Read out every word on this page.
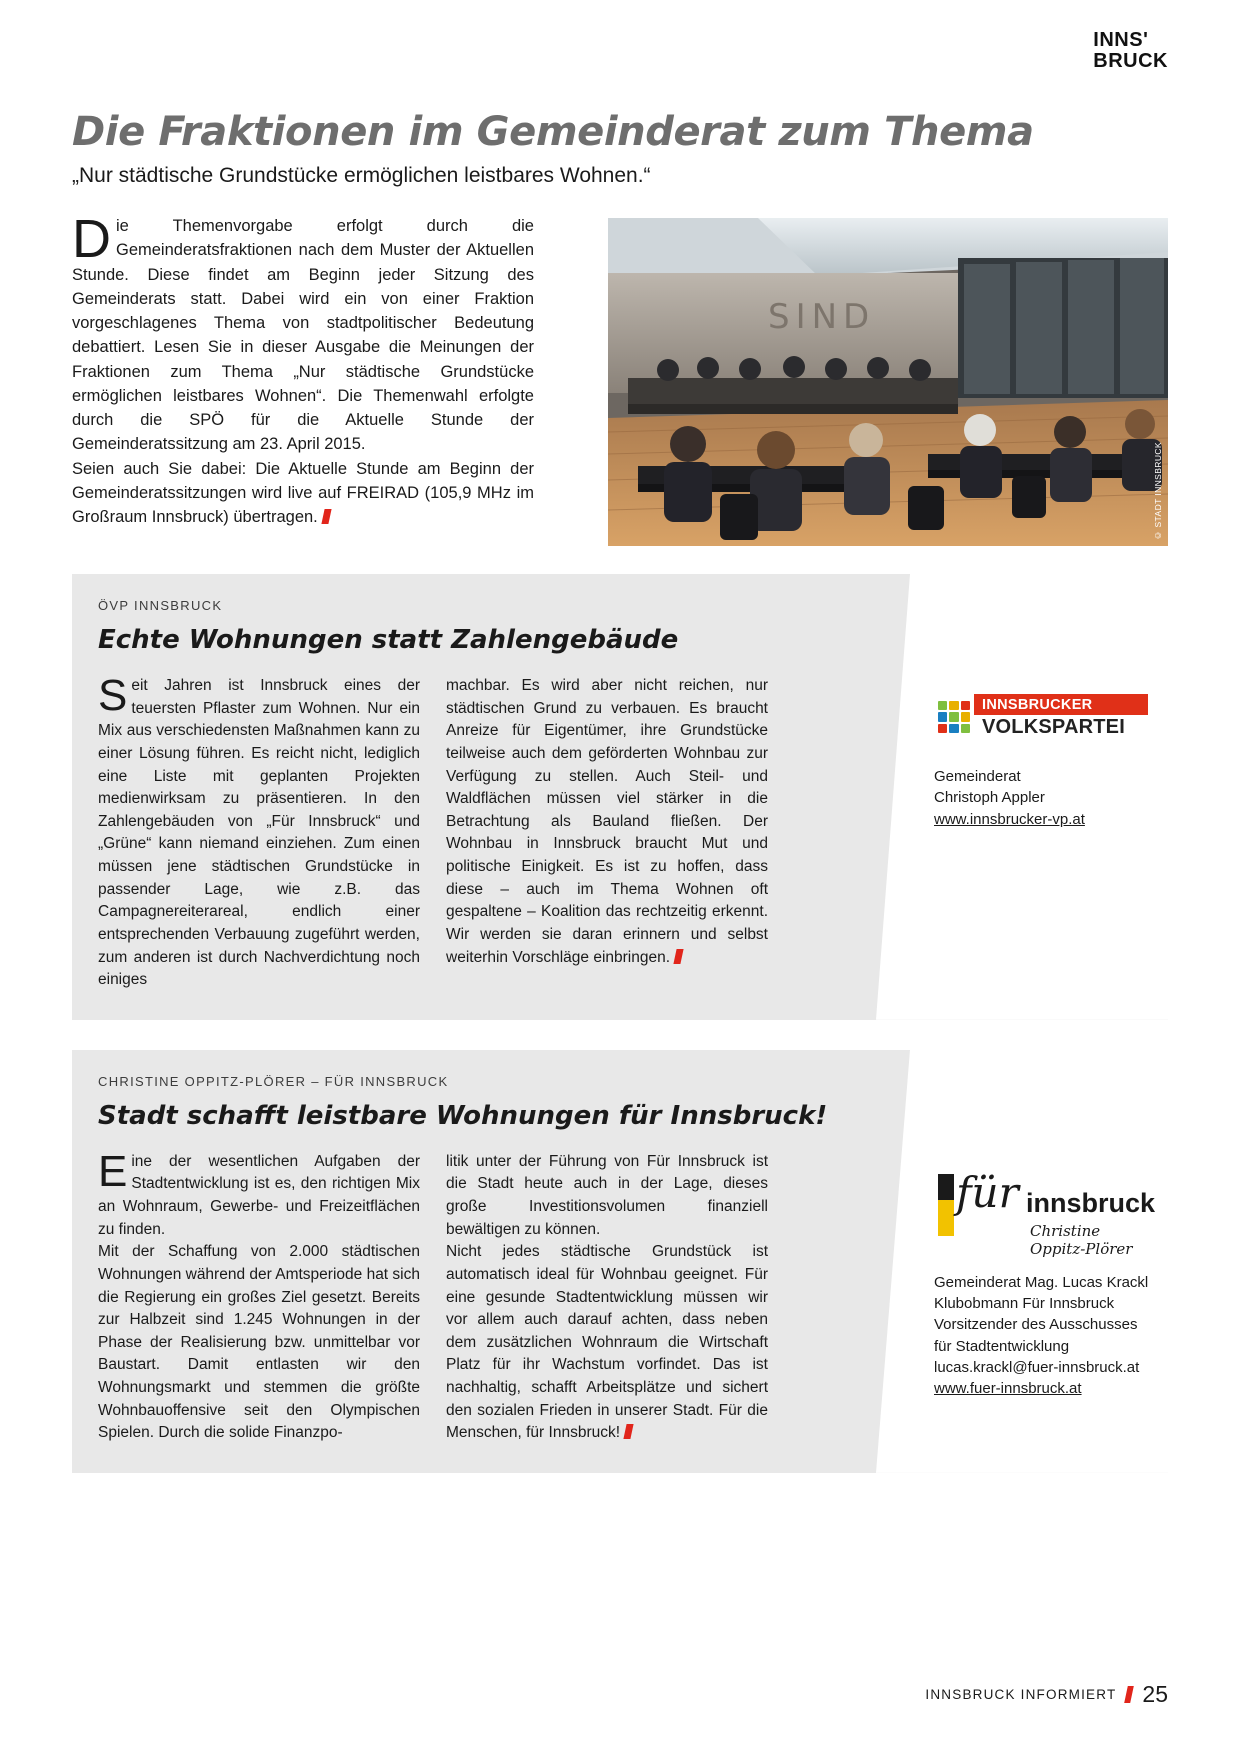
INNS'
BRUCK
Die Fraktionen im Gemeinderat zum Thema
„Nur städtische Grundstücke ermöglichen leistbares Wohnen.“

Die Themenvorgabe erfolgt durch die Gemeinderatsfraktionen nach dem Muster der Aktuellen Stunde. Diese findet am Beginn jeder Sitzung des Gemeinderats statt. Dabei wird ein von einer Fraktion vorgeschlagenes Thema von stadtpolitischer Bedeutung debattiert. Lesen Sie in dieser Ausgabe die Meinungen der Fraktionen zum Thema „Nur städtische Grundstücke ermöglichen leistbares Wohnen“. Die Themenwahl erfolgte durch die SPÖ für die Aktuelle Stunde der Gemeinderatssitzung am 23. April 2015.

Seien auch Sie dabei: Die Aktuelle Stunde am Beginn der Gemeinderatssitzungen wird live auf FREIRAD (105,9 MHz im Großraum Innsbruck) übertragen.

SIND
© STADT INNSBRUCK
ÖVP INNSBRUCK
Echte Wohnungen statt Zahlengebäude

Seit Jahren ist Innsbruck eines der teuersten Pflaster zum Wohnen. Nur ein Mix aus verschiedensten Maßnahmen kann zu einer Lösung führen. Es reicht nicht, lediglich eine Liste mit geplanten Projekten medienwirksam zu präsentieren. In den Zahlengebäuden von „Für Innsbruck“ und „Grüne“ kann niemand einziehen. Zum einen müssen jene städtischen Grundstücke in passender Lage, wie z.B. das Campagnereiterareal, endlich einer entsprechenden Verbauung zugeführt werden, zum anderen ist durch Nachverdichtung noch einiges

machbar. Es wird aber nicht reichen, nur städtischen Grund zu verbauen. Es braucht Anreize für Eigentümer, ihre Grundstücke teilweise auch dem geförderten Wohnbau zur Verfügung zu stellen. Auch Steil- und Waldflächen müssen viel stärker in die Betrachtung als Bauland fließen. Der Wohnbau in Innsbruck braucht Mut und politische Einigkeit. Es ist zu hoffen, dass diese – auch im Thema Wohnen oft gespaltene – Koalition das rechtzeitig erkennt. Wir werden sie daran erinnern und selbst weiterhin Vorschläge einbringen.

INNSBRUCKER
VOLKSPARTEI
Gemeinderat
Christoph Appler
www.innsbrucker-vp.at
CHRISTINE OPPITZ-PLÖRER – FÜR INNSBRUCK
Stadt schafft leistbare Wohnungen für Innsbruck!

Eine der wesentlichen Aufgaben der Stadtentwicklung ist es, den richtigen Mix an Wohnraum, Gewerbe- und Freizeitflächen zu finden.

Mit der Schaffung von 2.000 städtischen Wohnungen während der Amtsperiode hat sich die Regierung ein großes Ziel gesetzt. Bereits zur Halbzeit sind 1.245 Wohnungen in der Phase der Realisierung bzw. unmittelbar vor Baustart. Damit entlasten wir den Wohnungsmarkt und stemmen die größte Wohnbauoffensive seit den Olympischen Spielen. Durch die solide Finanzpo-

litik unter der Führung von Für Innsbruck ist die Stadt heute auch in der Lage, dieses große Investitionsvolumen finanziell bewältigen zu können.

Nicht jedes städtische Grundstück ist automatisch ideal für Wohnbau geeignet. Für eine gesunde Stadtentwicklung müssen wir vor allem auch darauf achten, dass neben dem zusätzlichen Wohnraum die Wirtschaft Platz für ihr Wachstum vorfindet. Das ist nachhaltig, schafft Arbeitsplätze und sichert den sozialen Frieden in unserer Stadt. Für die Menschen, für Innsbruck!

für innsbruck
Christine Oppitz-Plörer
Gemeinderat Mag. Lucas Krackl
Klubobmann Für Innsbruck
Vorsitzender des Ausschusses
für Stadtentwicklung
lucas.krackl@fuer-innsbruck.at
www.fuer-innsbruck.at
INNSBRUCK INFORMIERT 25
